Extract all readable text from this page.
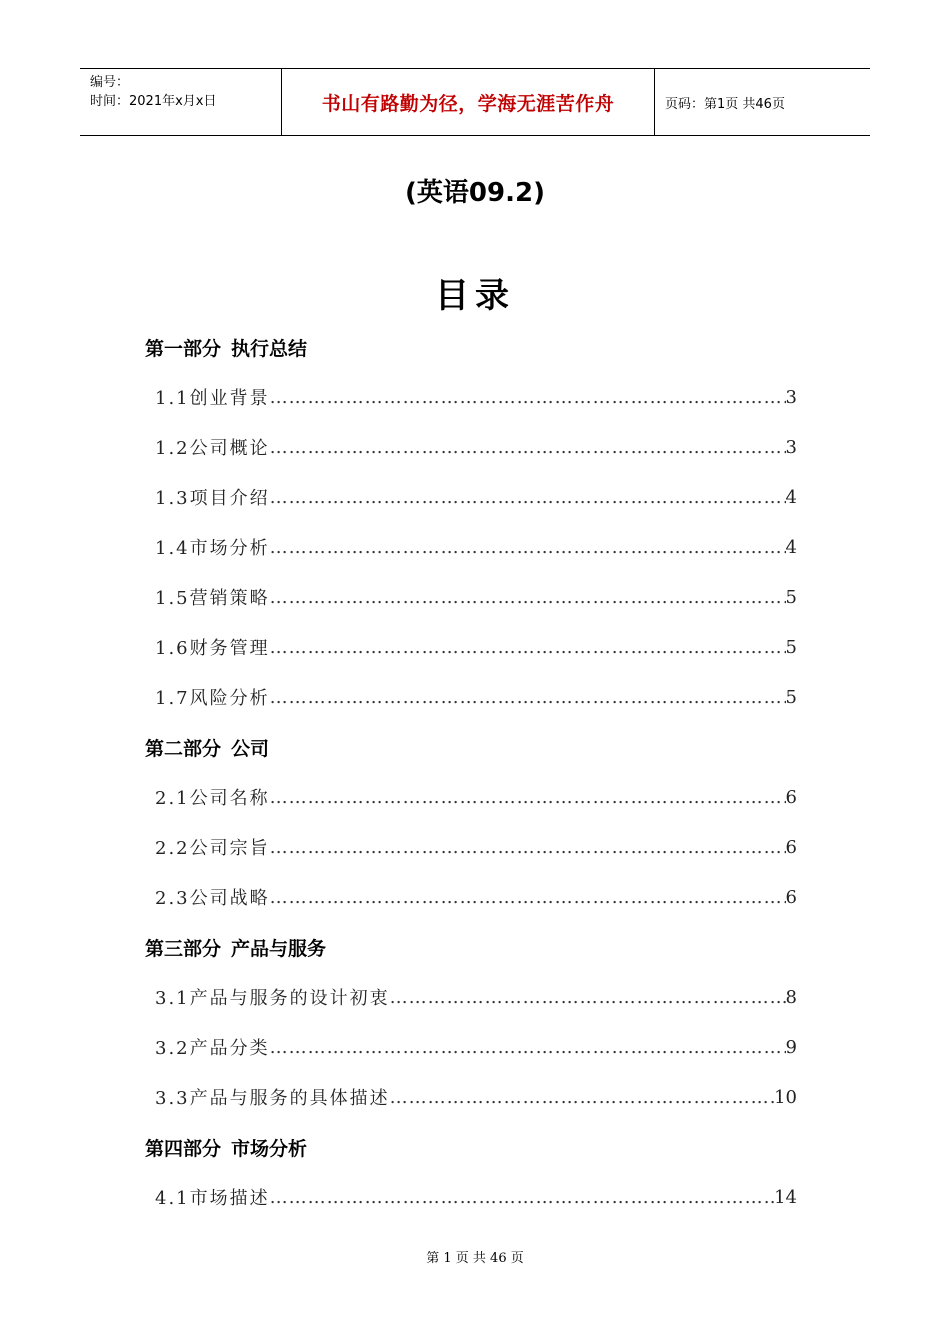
编号：
时间：2021年x月x日	书山有路勤为径，学海无涯苦作舟	页码：第1页 共46页
(英语09.2)
目录
第一部分 执行总结
1.1创业背景 ……………………………………………………………………………………………………………………………………	3
1.2公司概论 ……………………………………………………………………………………………………………………………………	3
1.3项目介绍 ……………………………………………………………………………………………………………………………………	4
1.4市场分析 ……………………………………………………………………………………………………………………………………	4
1.5营销策略 ……………………………………………………………………………………………………………………………………	5
1.6财务管理 ……………………………………………………………………………………………………………………………………	5
1.7风险分析 ……………………………………………………………………………………………………………………………………	5
第二部分 公司
2.1公司名称 ……………………………………………………………………………………………………………………………………	6
2.2公司宗旨 ……………………………………………………………………………………………………………………………………	6
2.3公司战略 ……………………………………………………………………………………………………………………………………	6
第三部分 产品与服务
3.1产品与服务的设计初衷 ……………………………………………………………………………………………………………………………………	8
3.2产品分类 ……………………………………………………………………………………………………………………………………	9
3.3产品与服务的具体描述 ……………………………………………………………………………………………………………………………………	10
第四部分 市场分析
4.1市场描述 ……………………………………………………………………………………………………………………………………	14
第 1 页 共 46 页
